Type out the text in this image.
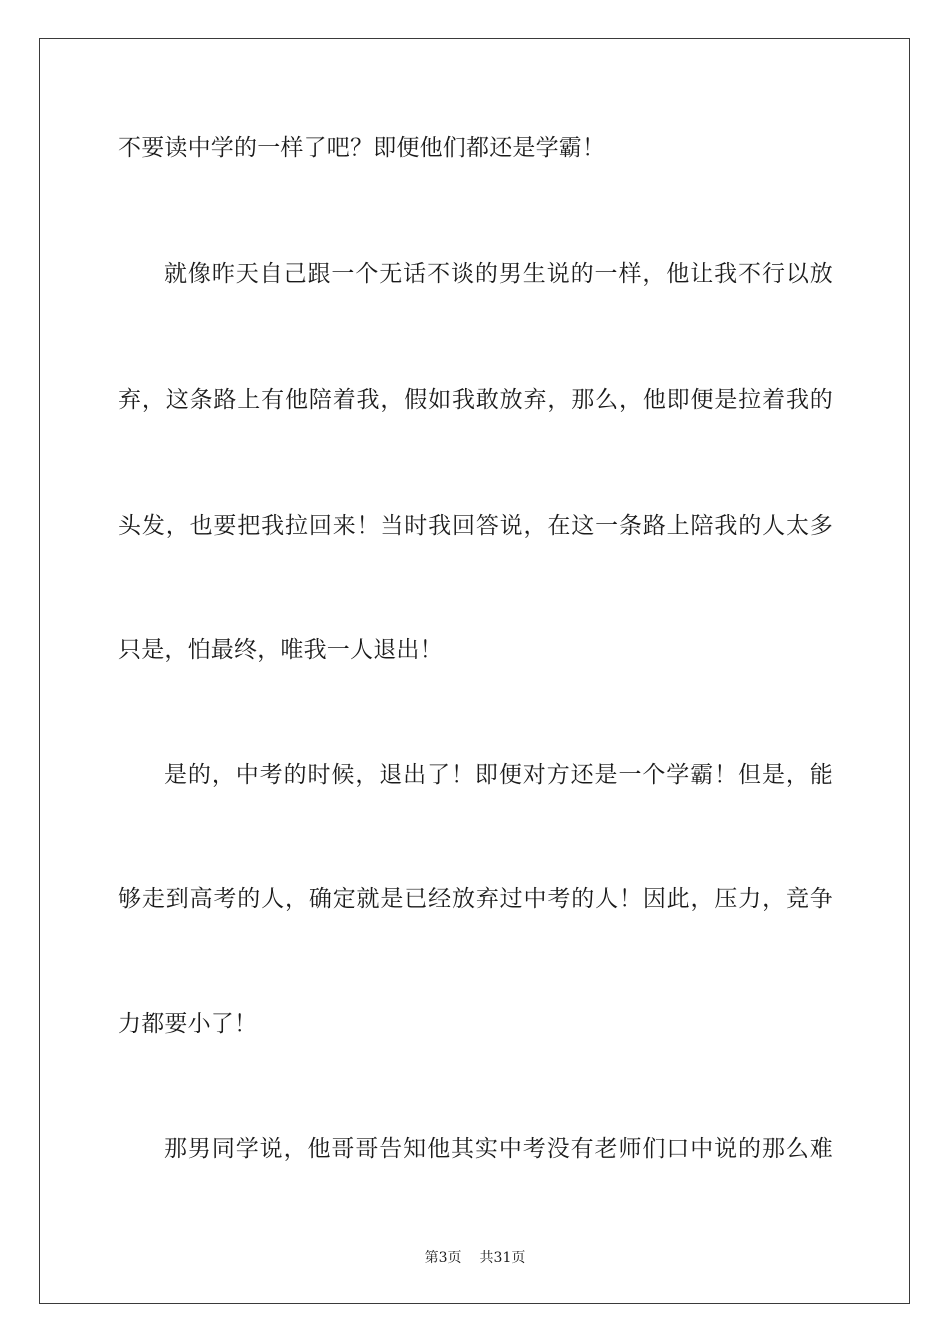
不要读中学的一样了吧？即便他们都还是学霸！
就像昨天自己跟一个无话不谈的男生说的一样，他让我不行以放
弃，这条路上有他陪着我，假如我敢放弃，那么，他即便是拉着我的
头发，也要把我拉回来！当时我回答说，在这一条路上陪我的人太多
只是，怕最终，唯我一人退出！
是的，中考的时候，退出了！即便对方还是一个学霸！但是，能
够走到高考的人，确定就是已经放弃过中考的人！因此，压力，竞争
力都要小了！
那男同学说，他哥哥告知他其实中考没有老师们口中说的那么难
第3页 共31页
